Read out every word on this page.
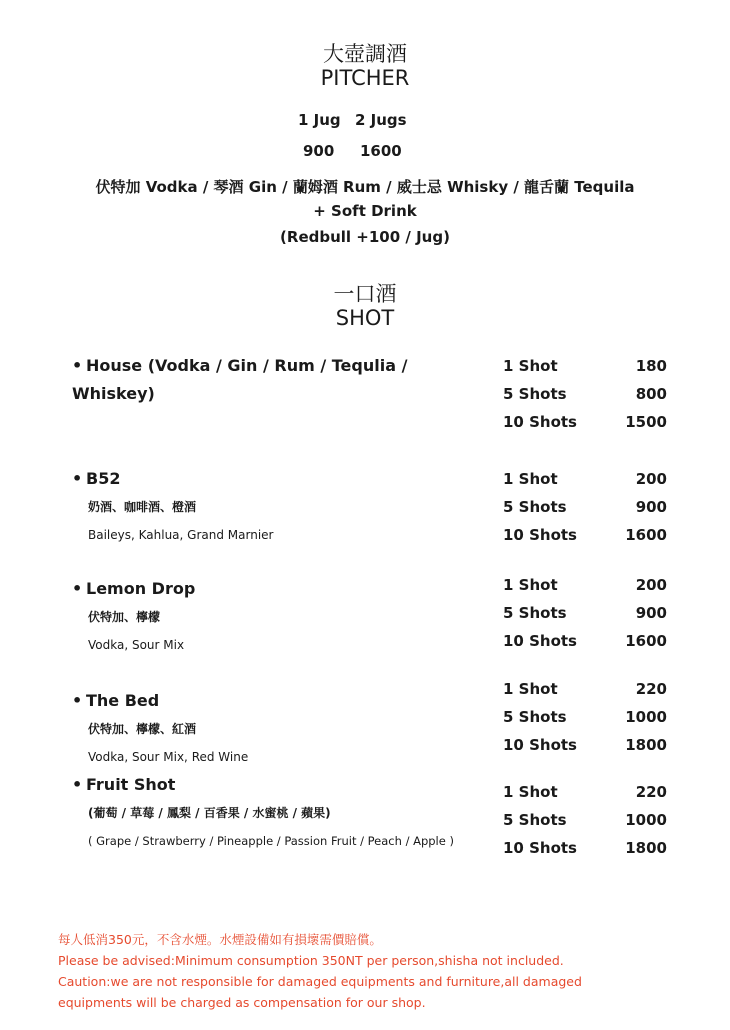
大壺調酒
PITCHER
1 Jug 2 Jugs
900 1600
伏特加 Vodka / 琴酒 Gin / 蘭姆酒 Rum / 威士忌 Whisky / 龍舌蘭 Tequila
+ Soft Drink
(Redbull +100 / Jug)
一口酒
SHOT
• House (Vodka / Gin / Rum / Tequlia / Whiskey)
1 Shot	180
5 Shots	800
10 Shots	1500
• B52
奶酒、咖啡酒、橙酒
Baileys, Kahlua, Grand Marnier
1 Shot	200
5 Shots	900
10 Shots	1600
• Lemon Drop
伏特加、檸檬
Vodka, Sour Mix
1 Shot	200
5 Shots	900
10 Shots	1600
• The Bed
伏特加、檸檬、紅酒
Vodka, Sour Mix, Red Wine
1 Shot	220
5 Shots	1000
10 Shots	1800
• Fruit Shot
(葡萄 / 草莓 / 鳳梨 / 百香果 / 水蜜桃 / 蘋果)
( Grape / Strawberry / Pineapple / Passion Fruit / Peach / Apple )
1 Shot	220
5 Shots	1000
10 Shots	1800
每人低消350元，不含水煙。水煙設備如有損壞需價賠償。
Please be advised:Minimum consumption 350NT per person,shisha not included.
Caution:we are not responsible for damaged equipments and furniture,all damaged
equipments will be charged as compensation for our shop.
